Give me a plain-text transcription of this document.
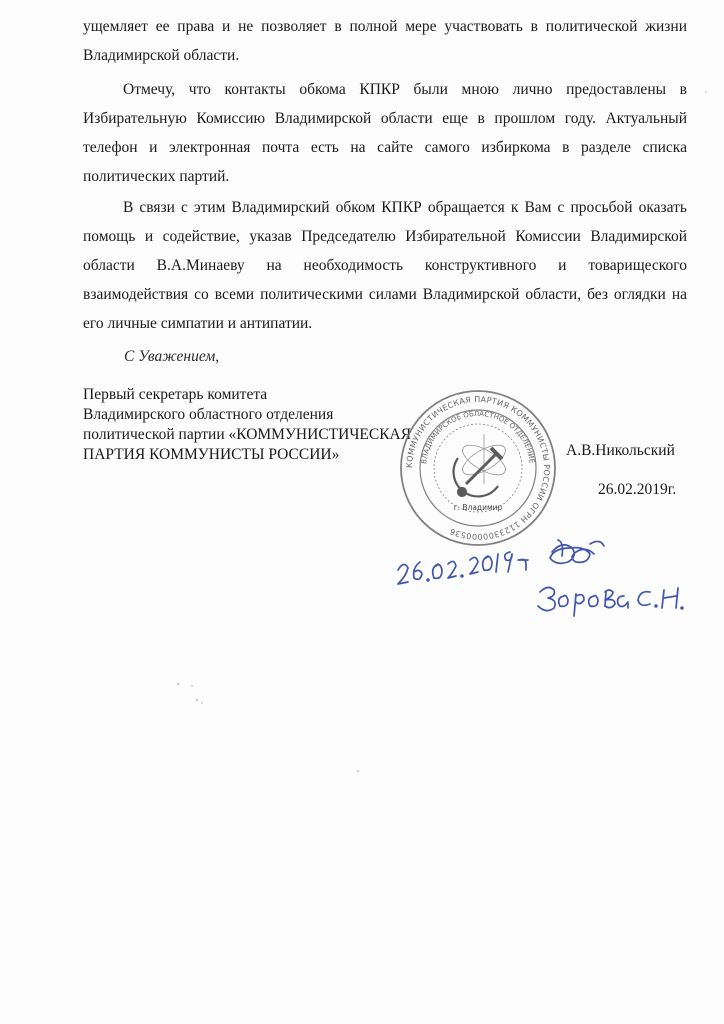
ущемляет ее права и не позволяет в полной мере участвовать в политической жизни Владимирской области.

Отмечу, что контакты обкома КПКР были мною лично предоставлены в Избирательную Комиссию Владимирской области еще в прошлом году. Актуальный телефон и электронная почта есть на сайте самого избиркома в разделе списка политических партий.

В связи с этим Владимирский обком КПКР обращается к Вам с просьбой оказать помощь и содействие, указав Председателю Избирательной Комиссии Владимирской области В.А.Минаеву на необходимость конструктивного и товарищеского взаимодействия со всеми политическими силами Владимирской области, без оглядки на его личные симпатии и антипатии.

С Уважением,
Первый секретарь комитета
Владимирского областного отделения
политической партии «КОММУНИСТИЧЕСКАЯ
ПАРТИЯ КОММУНИСТЫ РОССИИ»	А.В.Никольский
26.02.2019г.
КОММУНИСТИЧЕСКАЯ ПАРТИЯ КОММУНИСТЫ РОССИИ ОГРН 1123300000536
ВЛАДИМИРСКОЕ ОБЛАСТНОЕ ОТДЕЛЕНИЕ
г. Владимир
